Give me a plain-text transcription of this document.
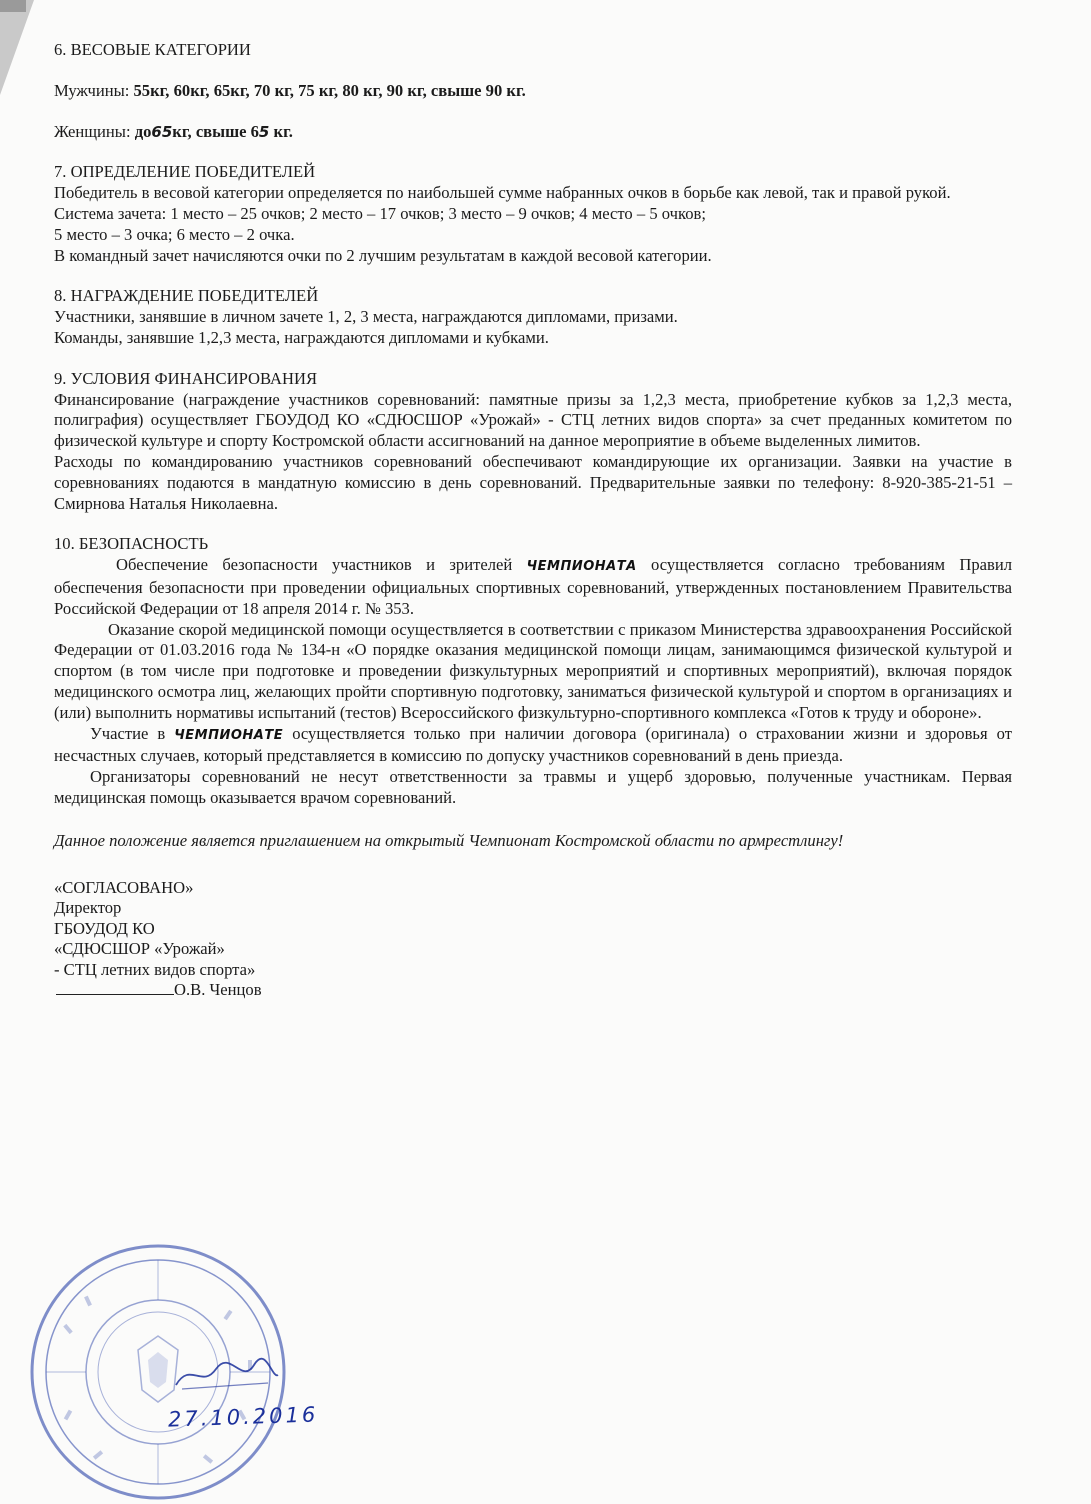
6. ВЕСОВЫЕ КАТЕГОРИИ

Мужчины: 55кг, 60кг, 65кг, 70 кг, 75 кг, 80 кг, 90 кг, свыше 90 кг.

Женщины: до65кг, свыше 65 кг.

7. ОПРЕДЕЛЕНИЕ ПОБЕДИТЕЛЕЙ

Победитель в весовой категории определяется по наибольшей сумме набранных очков в борьбе как левой, так и правой рукой.

Система зачета: 1 место – 25 очков; 2 место – 17 очков; 3 место – 9 очков; 4 место – 5 очков;

5 место – 3 очка; 6 место – 2 очка.

В командный зачет начисляются очки по 2 лучшим результатам в каждой весовой категории.

8. НАГРАЖДЕНИЕ ПОБЕДИТЕЛЕЙ

Участники, занявшие в личном зачете 1, 2, 3 места, награждаются дипломами, призами.

Команды, занявшие 1,2,3 места, награждаются дипломами и кубками.

9. УСЛОВИЯ ФИНАНСИРОВАНИЯ

Финансирование (награждение участников соревнований: памятные призы за 1,2,3 места, приобретение кубков за 1,2,3 места, полиграфия) осуществляет ГБОУДОД КО «СДЮСШОР «Урожай» - СТЦ летних видов спорта» за счет преданных комитетом по физической культуре и спорту Костромской области ассигнований на данное мероприятие в объеме выделенных лимитов.

Расходы по командированию участников соревнований обеспечивают командирующие их организации. Заявки на участие в соревнованиях подаются в мандатную комиссию в день соревнований. Предварительные заявки по телефону: 8-920-385-21-51 –Смирнова Наталья Николаевна.

10. БЕЗОПАСНОСТЬ

Обеспечение безопасности участников и зрителей ЧЕМПИОНАТА осуществляется согласно требованиям Правил обеспечения безопасности при проведении официальных спортивных соревнований, утвержденных постановлением Правительства Российской Федерации от 18 апреля 2014 г. № 353.

Оказание скорой медицинской помощи осуществляется в соответствии с приказом Министерства здравоохранения Российской Федерации от 01.03.2016 года № 134-н «О порядке оказания медицинской помощи лицам, занимающимся физической культурой и спортом (в том числе при подготовке и проведении физкультурных мероприятий и спортивных мероприятий), включая порядок медицинского осмотра лиц, желающих пройти спортивную подготовку, заниматься физической культурой и спортом в организациях и (или) выполнить нормативы испытаний (тестов) Всероссийского физкультурно-спортивного комплекса «Готов к труду и обороне».

Участие в ЧЕМПИОНАТЕ осуществляется только при наличии договора (оригинала) о страховании жизни и здоровья от несчастных случаев, который представляется в комиссию по допуску участников соревнований в день приезда.

Организаторы соревнований не несут ответственности за травмы и ущерб здоровью, полученные участникам. Первая медицинская помощь оказывается врачом соревнований.

Данное положение является приглашением на открытый Чемпионат Костромской области по армрестлингу!

«СОГЛАСОВАНО»

Директор

ГБОУДОД КО

«СДЮСШОР «Урожай»

- СТЦ летних видов спорта»

О.В. Ченцов

27.10.2016
